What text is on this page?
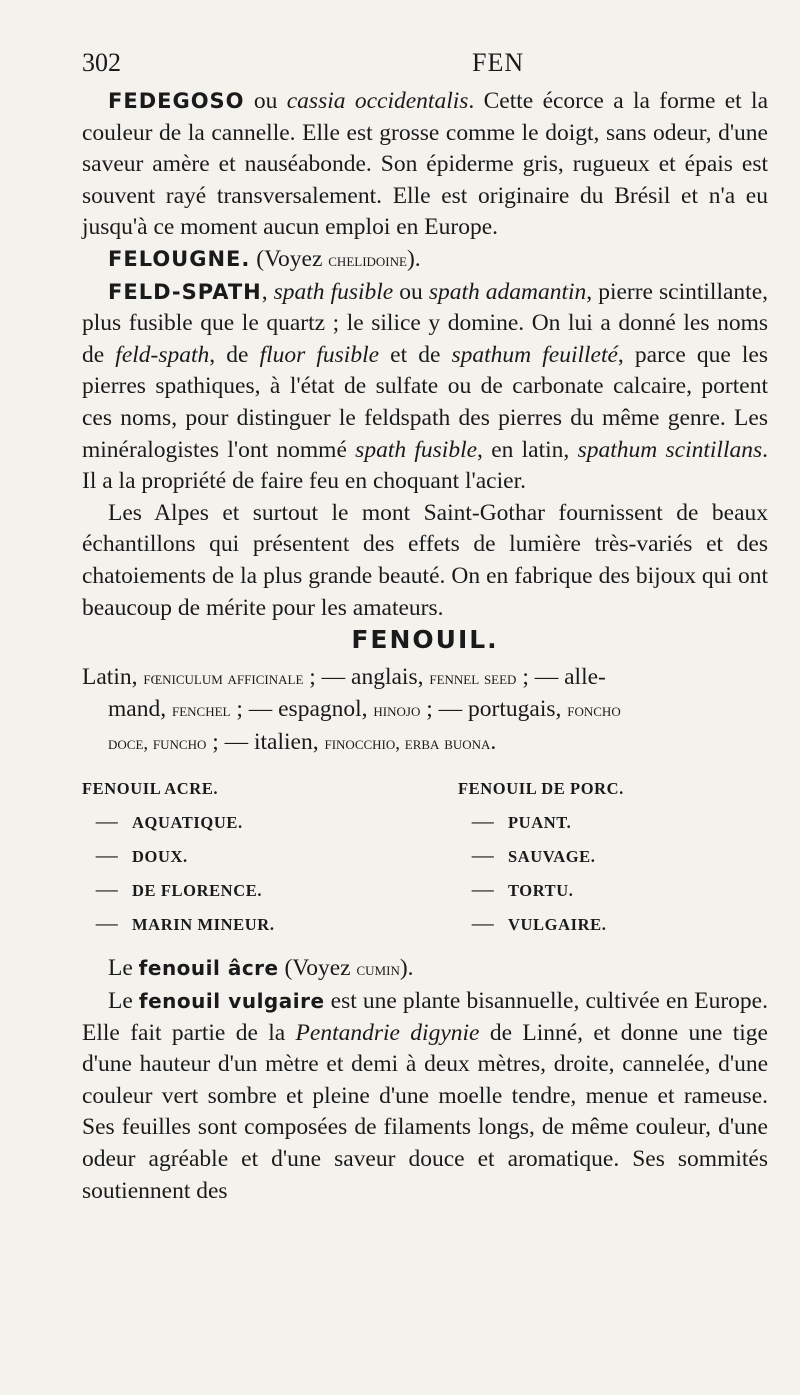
302	FEN

FEDEGOSO ou cassia occidentalis. Cette écorce a la forme et la couleur de la cannelle. Elle est grosse comme le doigt, sans odeur, d'une saveur amère et nauséabonde. Son épiderme gris, rugueux et épais est souvent rayé transversalement. Elle est originaire du Brésil et n'a eu jusqu'à ce moment aucun emploi en Europe.

FELOUGNE. (Voyez chelidoine).

FELD-SPATH, spath fusible ou spath adamantin, pierre scintillante, plus fusible que le quartz ; le silice y domine. On lui a donné les noms de feld-spath, de fluor fusible et de spathum feuilleté, parce que les pierres spathiques, à l'état de sulfate ou de carbonate calcaire, portent ces noms, pour distinguer le feldspath des pierres du même genre. Les minéralogistes l'ont nommé spath fusible, en latin, spathum scintillans. Il a la propriété de faire feu en choquant l'acier.

Les Alpes et surtout le mont Saint-Gothar fournissent de beaux échantillons qui présentent des effets de lumière très-variés et des chatoiements de la plus grande beauté. On en fabrique des bijoux qui ont beaucoup de mérite pour les amateurs.

FENOUIL.

Latin, fœniculum afficinale ; — anglais, fennel seed ; — alle-

mand, fenchel ; — espagnol, hinojo ; — portugais, foncho

doce, funcho ; — italien, finocchio, erba buona.

FENOUIL ACRE.	FENOUIL DE PORC.
— AQUATIQUE.	— PUANT.
— DOUX.	— SAUVAGE.
— DE FLORENCE.	— TORTU.
— MARIN MINEUR.	— VULGAIRE.

Le fenouil âcre (Voyez cumin).

Le fenouil vulgaire est une plante bisannuelle, cultivée en Europe. Elle fait partie de la Pentandrie digynie de Linné, et donne une tige d'une hauteur d'un mètre et demi à deux mètres, droite, cannelée, d'une couleur vert sombre et pleine d'une moelle tendre, menue et rameuse. Ses feuilles sont composées de filaments longs, de même couleur, d'une odeur agréable et d'une saveur douce et aromatique. Ses sommités soutiennent des
